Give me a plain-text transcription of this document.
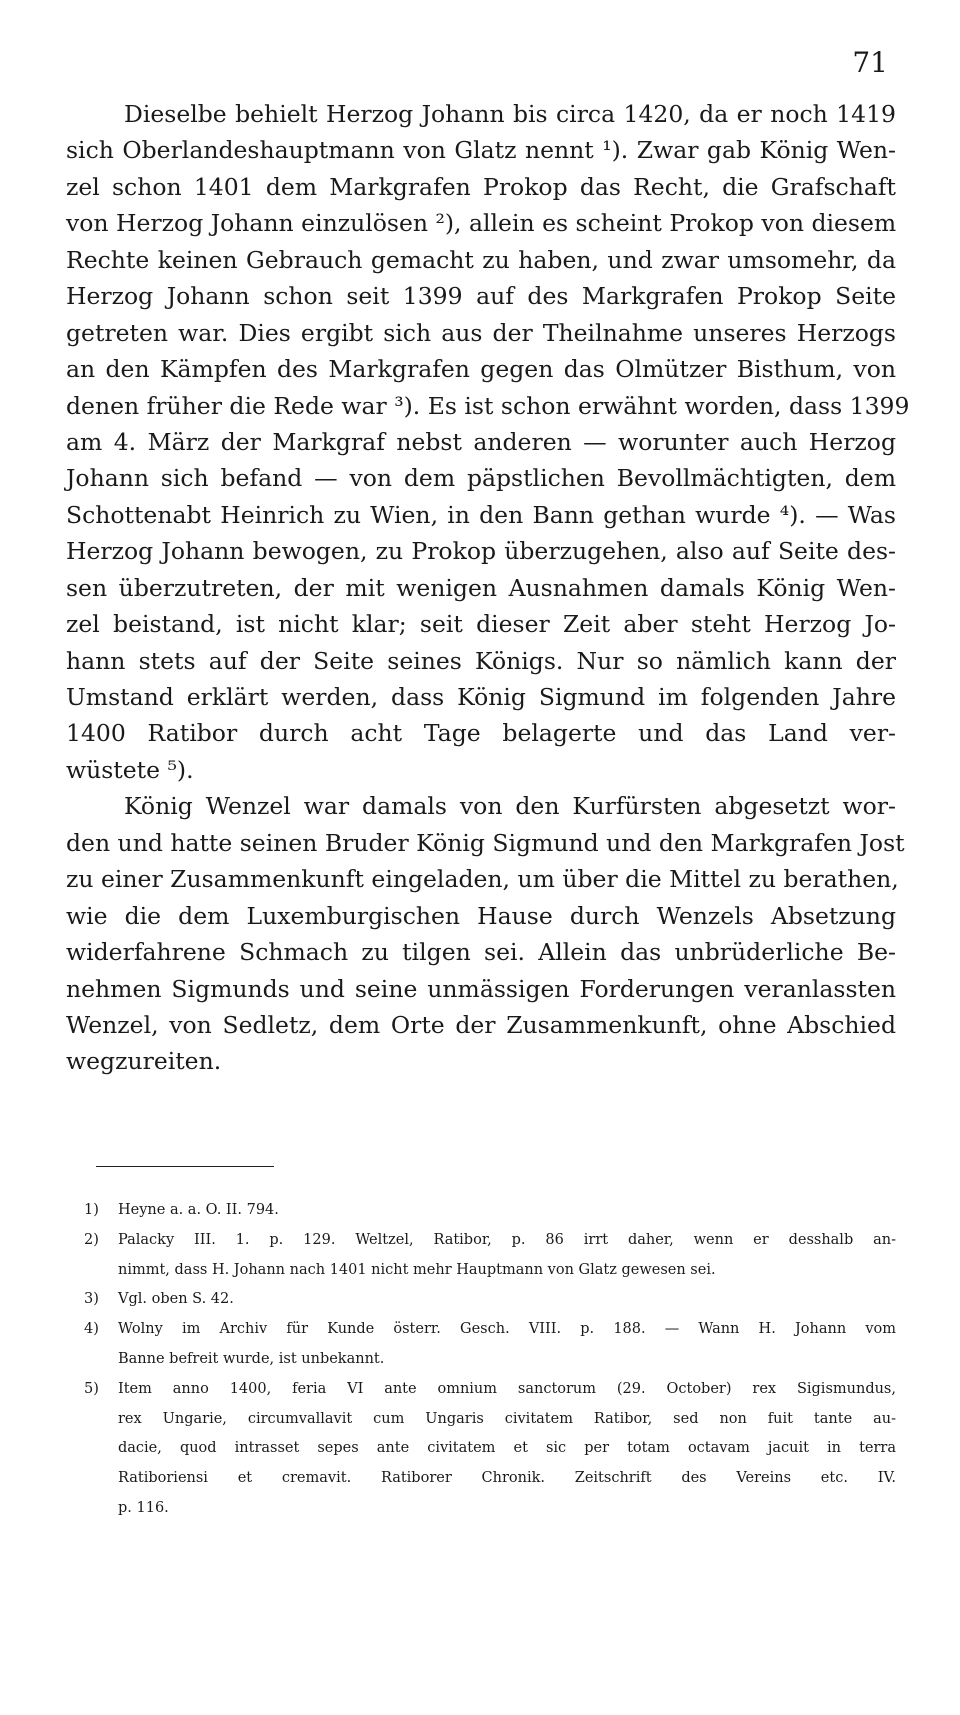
71
Dieselbe behielt Herzog Johann bis circa 1420, da er noch 1419
sich Oberlandeshauptmann von Glatz nennt ¹). Zwar gab König Wen-
zel schon 1401 dem Markgrafen Prokop das Recht, die Grafschaft
von Herzog Johann einzulösen ²), allein es scheint Prokop von diesem
Rechte keinen Gebrauch gemacht zu haben, und zwar umsomehr, da
Herzog Johann schon seit 1399 auf des Markgrafen Prokop Seite
getreten war. Dies ergibt sich aus der Theilnahme unseres Herzogs
an den Kämpfen des Markgrafen gegen das Olmützer Bisthum, von
denen früher die Rede war ³). Es ist schon erwähnt worden, dass 1399
am 4. März der Markgraf nebst anderen — worunter auch Herzog
Johann sich befand — von dem päpstlichen Bevollmächtigten, dem
Schottenabt Heinrich zu Wien, in den Bann gethan wurde ⁴). — Was
Herzog Johann bewogen, zu Prokop überzugehen, also auf Seite des-
sen überzutreten, der mit wenigen Ausnahmen damals König Wen-
zel beistand, ist nicht klar; seit dieser Zeit aber steht Herzog Jo-
hann stets auf der Seite seines Königs. Nur so nämlich kann der
Umstand erklärt werden, dass König Sigmund im folgenden Jahre
1400 Ratibor durch acht Tage belagerte und das Land ver-
wüstete ⁵).
König Wenzel war damals von den Kurfürsten abgesetzt wor-
den und hatte seinen Bruder König Sigmund und den Markgrafen Jost
zu einer Zusammenkunft eingeladen, um über die Mittel zu berathen,
wie die dem Luxemburgischen Hause durch Wenzels Absetzung
widerfahrene Schmach zu tilgen sei. Allein das unbrüderliche Be-
nehmen Sigmunds und seine unmässigen Forderungen veranlassten
Wenzel, von Sedletz, dem Orte der Zusammenkunft, ohne Abschied
wegzureiten.
1) Heyne a. a. O. II. 794.
2) Palacky III. 1. p. 129. Weltzel, Ratibor, p. 86 irrt daher, wenn er desshalb an-
nimmt, dass H. Johann nach 1401 nicht mehr Hauptmann von Glatz gewesen sei.
3) Vgl. oben S. 42.
4) Wolny im Archiv für Kunde österr. Gesch. VIII. p. 188. — Wann H. Johann vom
Banne befreit wurde, ist unbekannt.
5) Item anno 1400, feria VI ante omnium sanctorum (29. October) rex Sigismundus,
rex Ungarie, circumvallavit cum Ungaris civitatem Ratibor, sed non fuit tante au-
dacie, quod intrasset sepes ante civitatem et sic per totam octavam jacuit in terra
Ratiboriensi et cremavit. Ratiborer Chronik. Zeitschrift des Vereins etc. IV.
p. 116.
